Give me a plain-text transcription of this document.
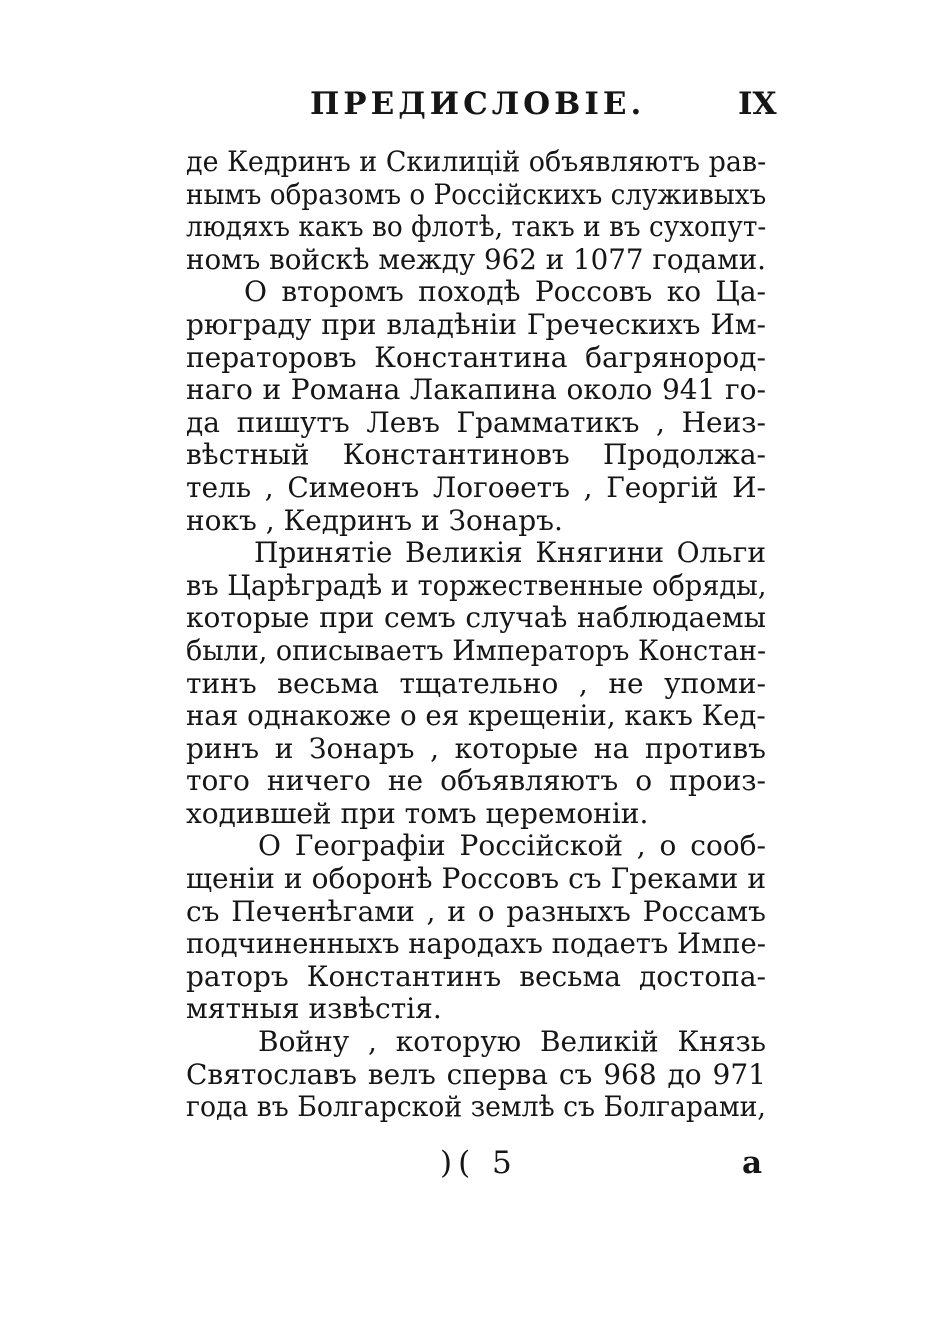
ПРЕДИСЛОВIЕ.	IX
де Кедринъ и Скилицiй объявляютъ рав-
нымъ образомъ о Россiйскихъ служивыхъ
людяхъ какъ во флотѣ, такъ и въ сухопут-
номъ войскѣ между 962 и 1077 годами.
О второмъ походѣ Россовъ ко Ца-
рюграду при владѣнiи Греческихъ Им-
ператоровъ Константина багрянород-
наго и Романа Лакапина около 941 го-
да пишутъ Левъ Грамматикъ , Неиз-
вѣстный Константиновъ Продолжа-
тель , Симеонъ Логоѳетъ , Георгiй И-
нокъ , Кедринъ и Зонаръ.
Принятiе Великiя Княгини Ольги
въ Царѣградѣ и торжественные обряды,
которые при семъ случаѣ наблюдаемы
были, описываетъ Императоръ Констан-
тинъ весьма тщательно , не упоми-
ная однакоже о ея крещенiи, какъ Кед-
ринъ и Зонаръ , которые на противъ
того ничего не объявляютъ о произ-
ходившей при томъ церемонiи.
О Географiи Россiйской , о сооб-
щенiи и оборонѣ Россовъ съ Греками и
съ Печенѣгами , и о разныхъ Россамъ
подчиненныхъ народахъ подаетъ Импе-
раторъ Константинъ весьма достопа-
мятныя извѣстiя.
Войну , которую Великiй Князь
Святославъ велъ сперва съ 968 до 971
года въ Болгарской землѣ съ Болгарами,
)( 5	a
